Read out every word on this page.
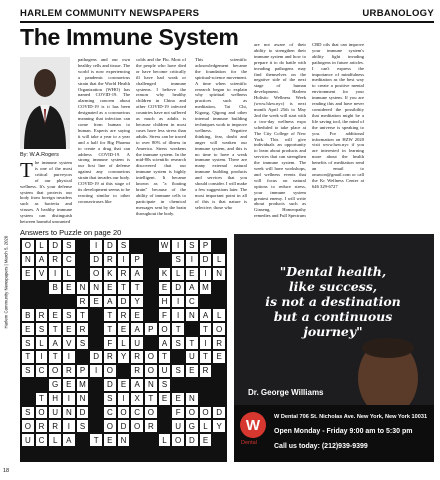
HARLEM COMMUNITY NEWSPAPERS	URBANOLOGY
The Immune System
By: W.A.Rogers

The immune system is one of the most critical purveyors of our physical wellness. It's your defense system that protects our body from foreign invaders such as bacteria and viruses. A healthy immune system can distinguish between harmful unwanted

pathogens and our own healthy cells and tissue. The world is now experiencing a pandemic coronavirus strain that the World Health Organization (WHO) has named COVID-19. The alarming concern about COVID-19 is it has been designated as a coronavirus meaning that infection can come from human to human. Experts are saying it will take a year to a year and a half for Big Pharma to create a drug that can address COVID-19. A strong immune system is our first line of defense against any coronavirus strain that invades our body. COVID-19 at this stage of its development seems to be reacting similar to other coronaviruses like

colds and the Flu. Most of the people who have died or have become critically ill have had weak or challenged immune systems. I believe the reason why healthy children in China and other COVID-19 infected countries have not suffered as much as adults is because children in most cases have less stress than adults. Stress can be traced to over 80% of illness in America. Stress weakens the immune system. In the mid-80s scientific research discovered that our immune system is highly intelligent. It became known as "a floating brain" because of the ability of immune cells to participate in chemical messages sent by the brain throughout the body.

This scientific acknowledgement became the foundation for the spiritual-science movement. A time when scientific research began to explain why spiritual wellness practices such as meditation, Tai Chi, Kigong, Qigong and other internal immune building techniques work to improve wellness. Negative thinking, fear, doubt and anger will weaken our immune system, and this is no time to have a weak immune system. There are many external natural immune building products and services that you should consider. I will make a few suggestions later. The most important point in all of this is that nature is selective; those who

are not aware of their ability to strengthen their immune system and how to prepare it to do battle with invading pathogens may find themselves on the negative side of the next stage of human development. Harlem Holistic Wellness Week (www.hlzw.nyc) is next month April 25th to May 2nd the week will start with a two-day wellness expo scheduled to take place at The City College of New York. This will give individuals an opportunity to learn about products and services that can strengthen the immune system. The week will have workshops, and wellness events that will focus on natural options to reduce stress, your immune system greatest enemy. I will write about products such as Ginseng, Homeopathy remedies and Full Spectrum

CBD oils that can improve your immune system's ability fight invading pathogens in future articles. I can't express the importance of mindfulness meditation as the best way to create a positive mental environment for your immune system. If you are reading this and have never considered the possibility that meditation might be a life saving tool, the mind of the universe is speaking to you. For additional information on HZW 2020 visit www.hzw.nyc if you are interested in learning more about the health benefits of meditation send an email to onuwon@gmail.com or call the Kr Wellness Center at 646 329-6727

Answers to Puzzle on page 20
O	L	D	S	I	D	S	W	I	S	P
N	A	R C	D R	I	P	S	I	D	L
E	V	I	L	O K	R	A	K	L	E	I	N
B	E	N N	E	T	T	E	D	A M
R	E	A	D	Y	H	I	C
B	R	E	S	T	T	R	E	F	I	N	A	L
E	S	T	E	R	T	E	A	P O	T	T	O
S	L	A	V	S	F	L	U	A	S	T	I	R
T	I	T	I	D R	Y	R O	T	U	T	E
S	C O R	P	I	O	R O U	S	E	R
G E M	D	E	A	N	S
T	H	I	N	S	I	X	T	E	E	N
S O U N D	C O C O	F	O O D
O R R	I	S	O D O R	U G	L	Y
U C	L	A	T	E	N	L	O D	E
Harlem Community Newspapers | March 5, 2020
18
"Dental health,
like success,
is not a destination
but a continuous
journey"
Dr. George Williams
W
Dental
W Dental 706 St. Nicholas Ave. New York, New York 10031
Open Monday - Friday 9:00 am to 5:30 pm
Call us today: (212)939-9399
